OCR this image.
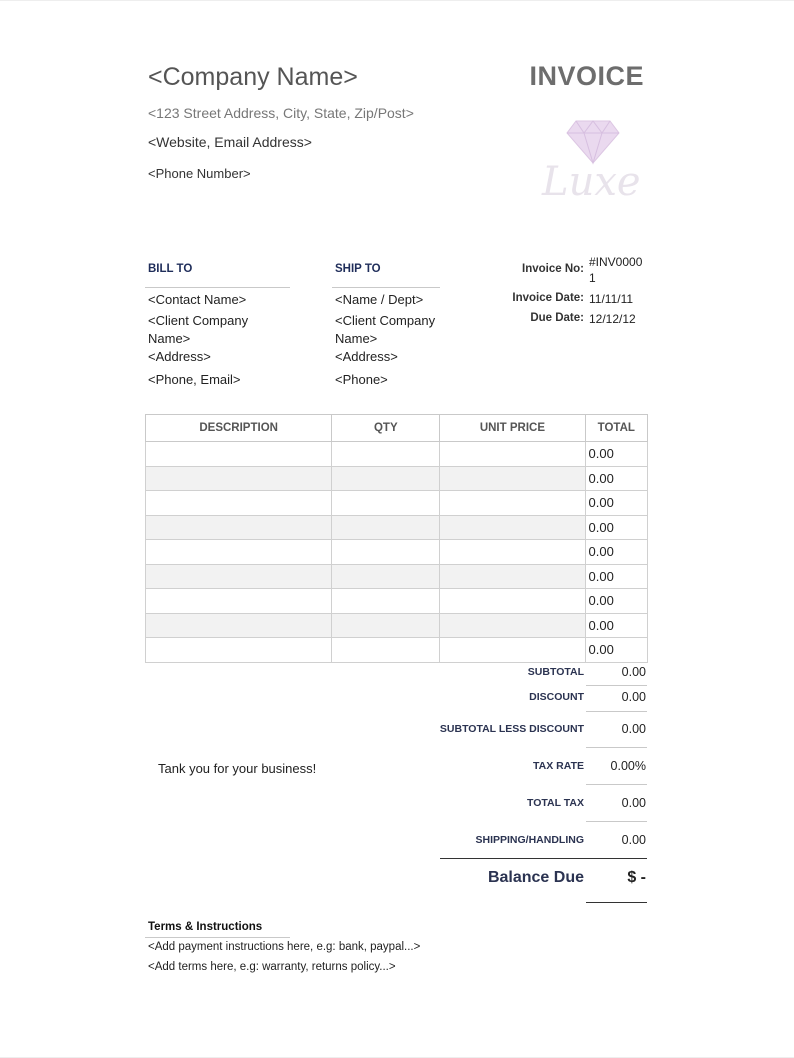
<Company Name>
<123 Street Address, City, State, Zip/Post>
<Website, Email Address>
<Phone Number>
INVOICE
Luxe
BILL TO
<Contact Name>
<Client Company
Name>
<Address>
<Phone, Email>
SHIP TO
<Name / Dept>
<Client Company
Name>
<Address>
<Phone>
Invoice No: #INV0000
1
Invoice Date: 11/11/11
Due Date: 12/12/12
DESCRIPTION	QTY	UNIT PRICE	TOTAL
			0.00
			0.00
			0.00
			0.00
			0.00
			0.00
			0.00
			0.00
			0.00
SUBTOTAL	0.00
DISCOUNT	0.00
SUBTOTAL LESS DISCOUNT	0.00
TAX RATE	0.00%
TOTAL TAX	0.00
SHIPPING/HANDLING	0.00
Tank you for your business!
Balance Due	$ -
Terms & Instructions
<Add payment instructions here, e.g: bank, paypal...>
<Add terms here, e.g: warranty, returns policy...>
